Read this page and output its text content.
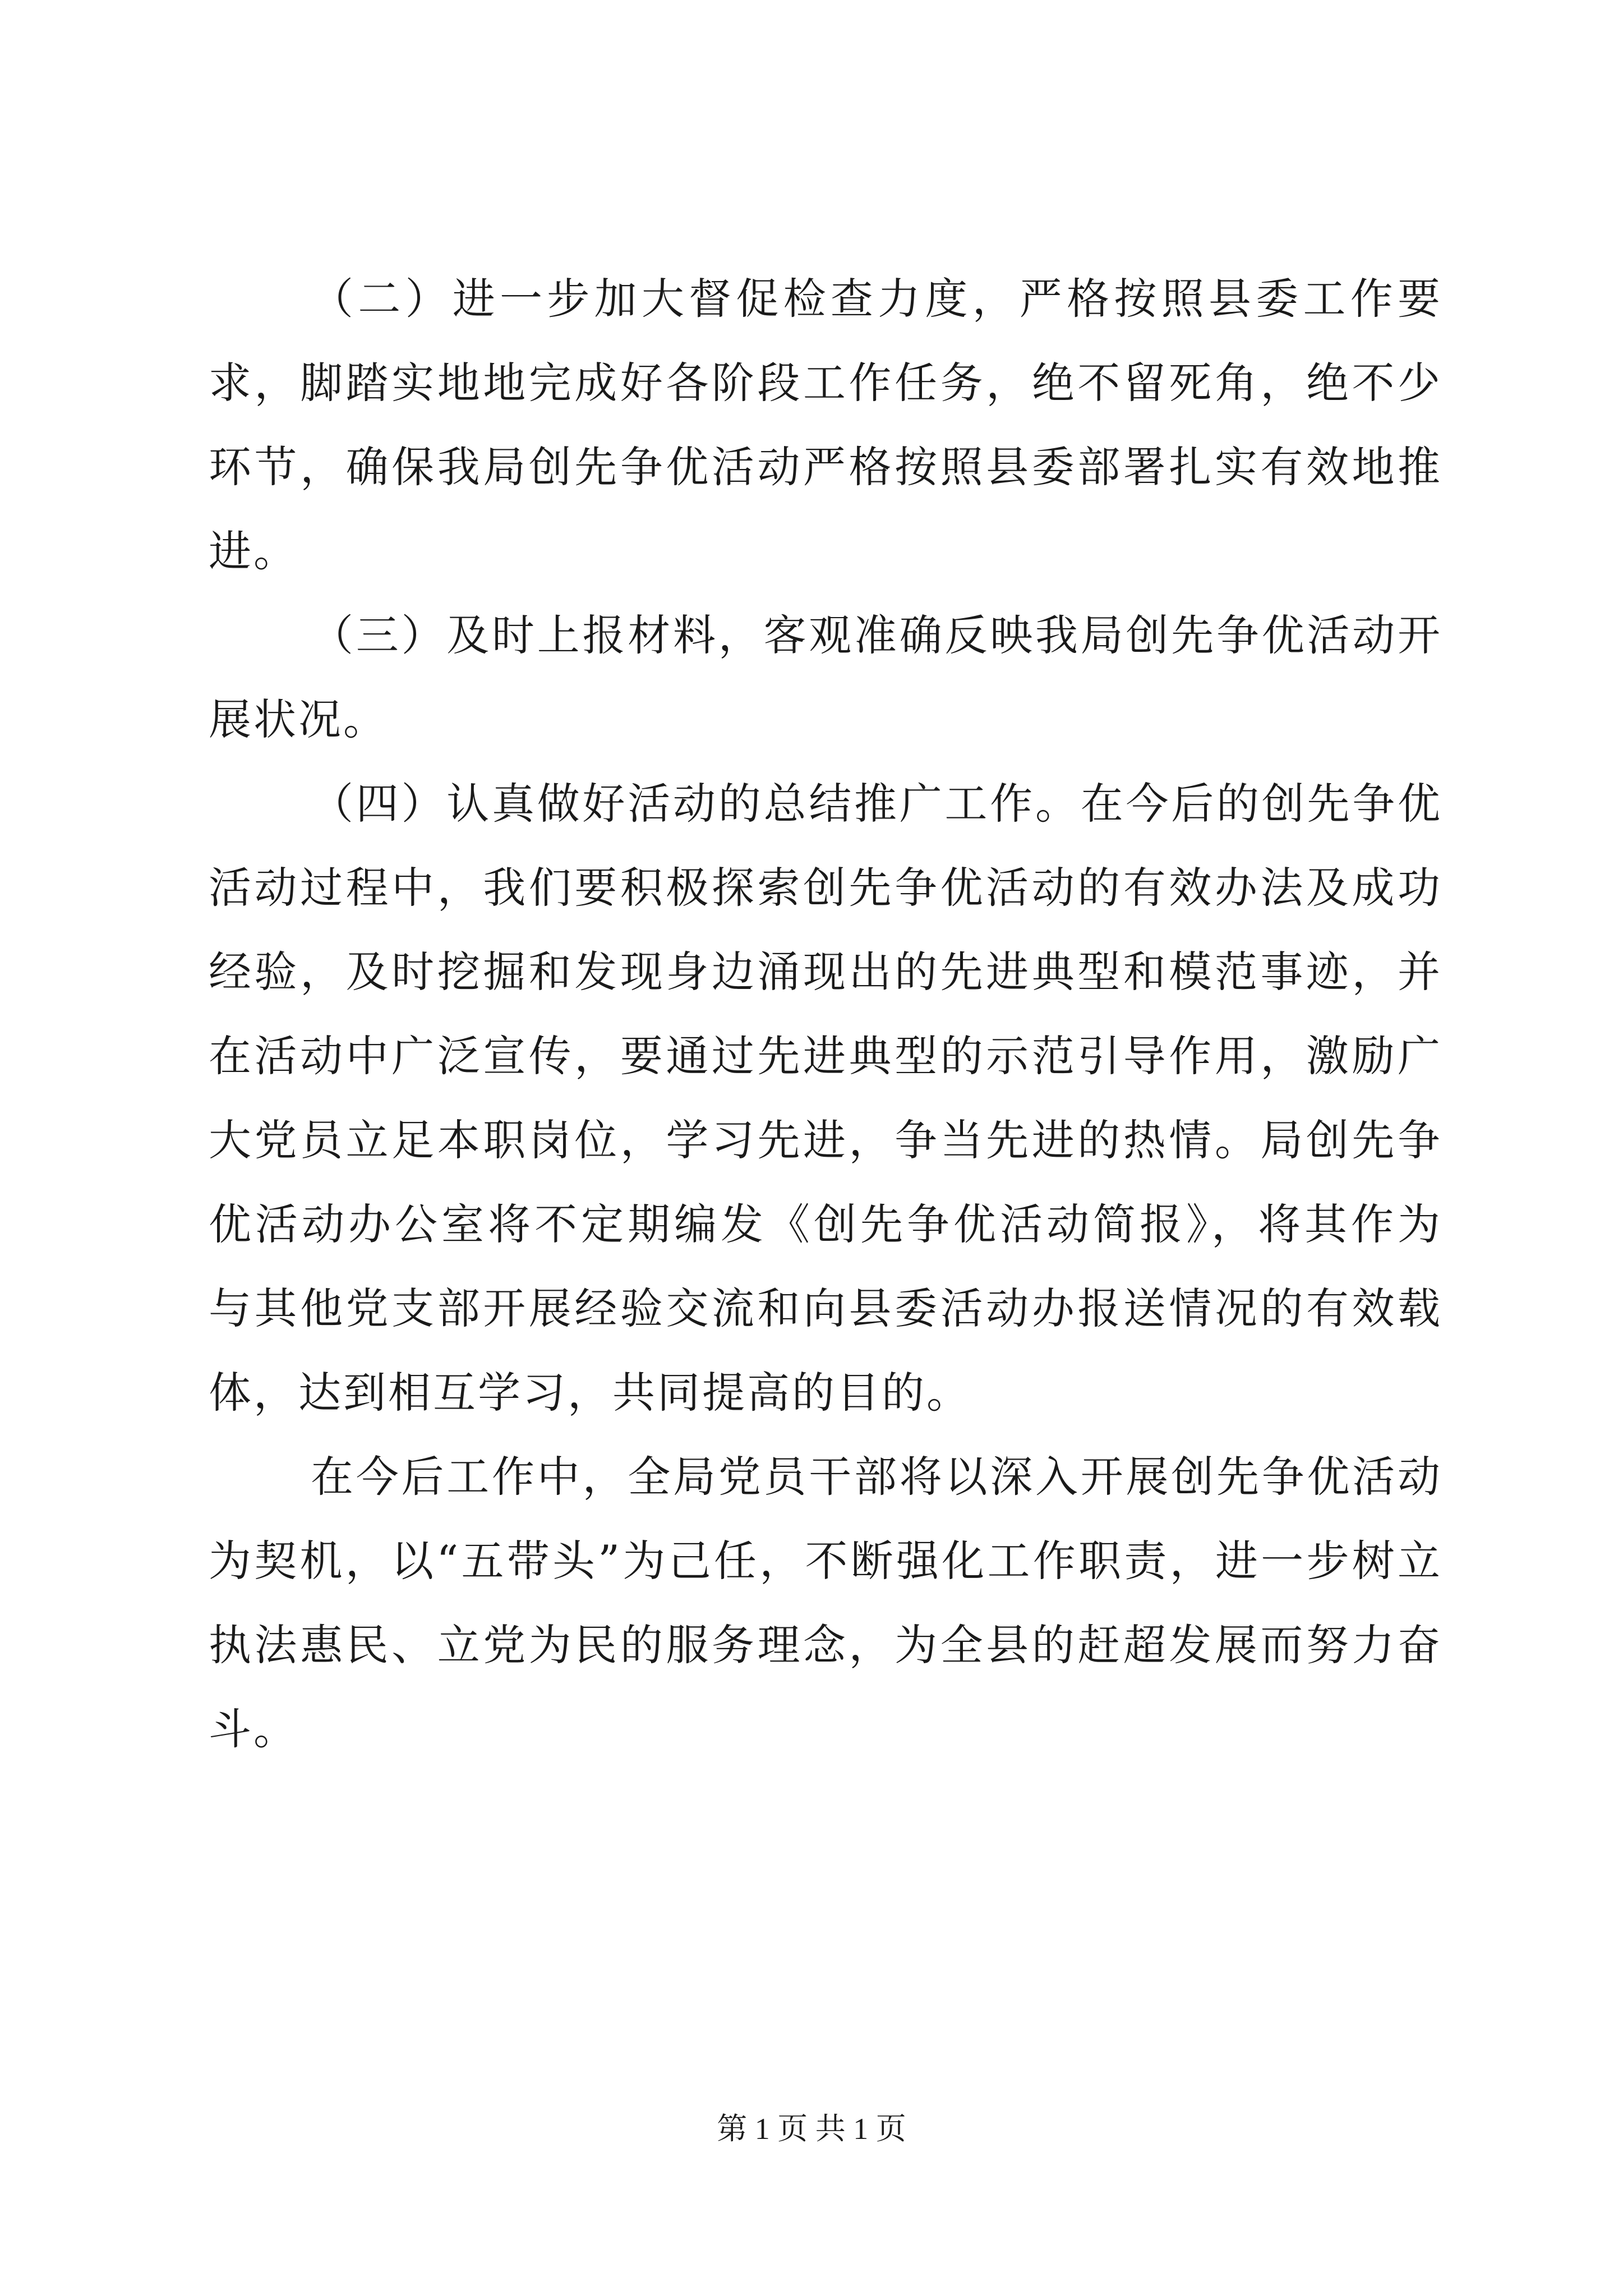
（二）进一步加大督促检查力度，严格按照县委工作要求，脚踏实地地完成好各阶段工作任务，绝不留死角，绝不少环节，确保我局创先争优活动严格按照县委部署扎实有效地推进。

（三）及时上报材料，客观准确反映我局创先争优活动开展状况。

（四）认真做好活动的总结推广工作。在今后的创先争优活动过程中，我们要积极探索创先争优活动的有效办法及成功经验，及时挖掘和发现身边涌现出的先进典型和模范事迹，并在活动中广泛宣传，要通过先进典型的示范引导作用，激励广大党员立足本职岗位，学习先进，争当先进的热情。局创先争优活动办公室将不定期编发《创先争优活动简报》，将其作为与其他党支部开展经验交流和向县委活动办报送情况的有效载体，达到相互学习，共同提高的目的。

在今后工作中，全局党员干部将以深入开展创先争优活动为契机，以“五带头”为己任，不断强化工作职责，进一步树立执法惠民、立党为民的服务理念，为全县的赶超发展而努力奋斗。

第 1 页 共 1 页
